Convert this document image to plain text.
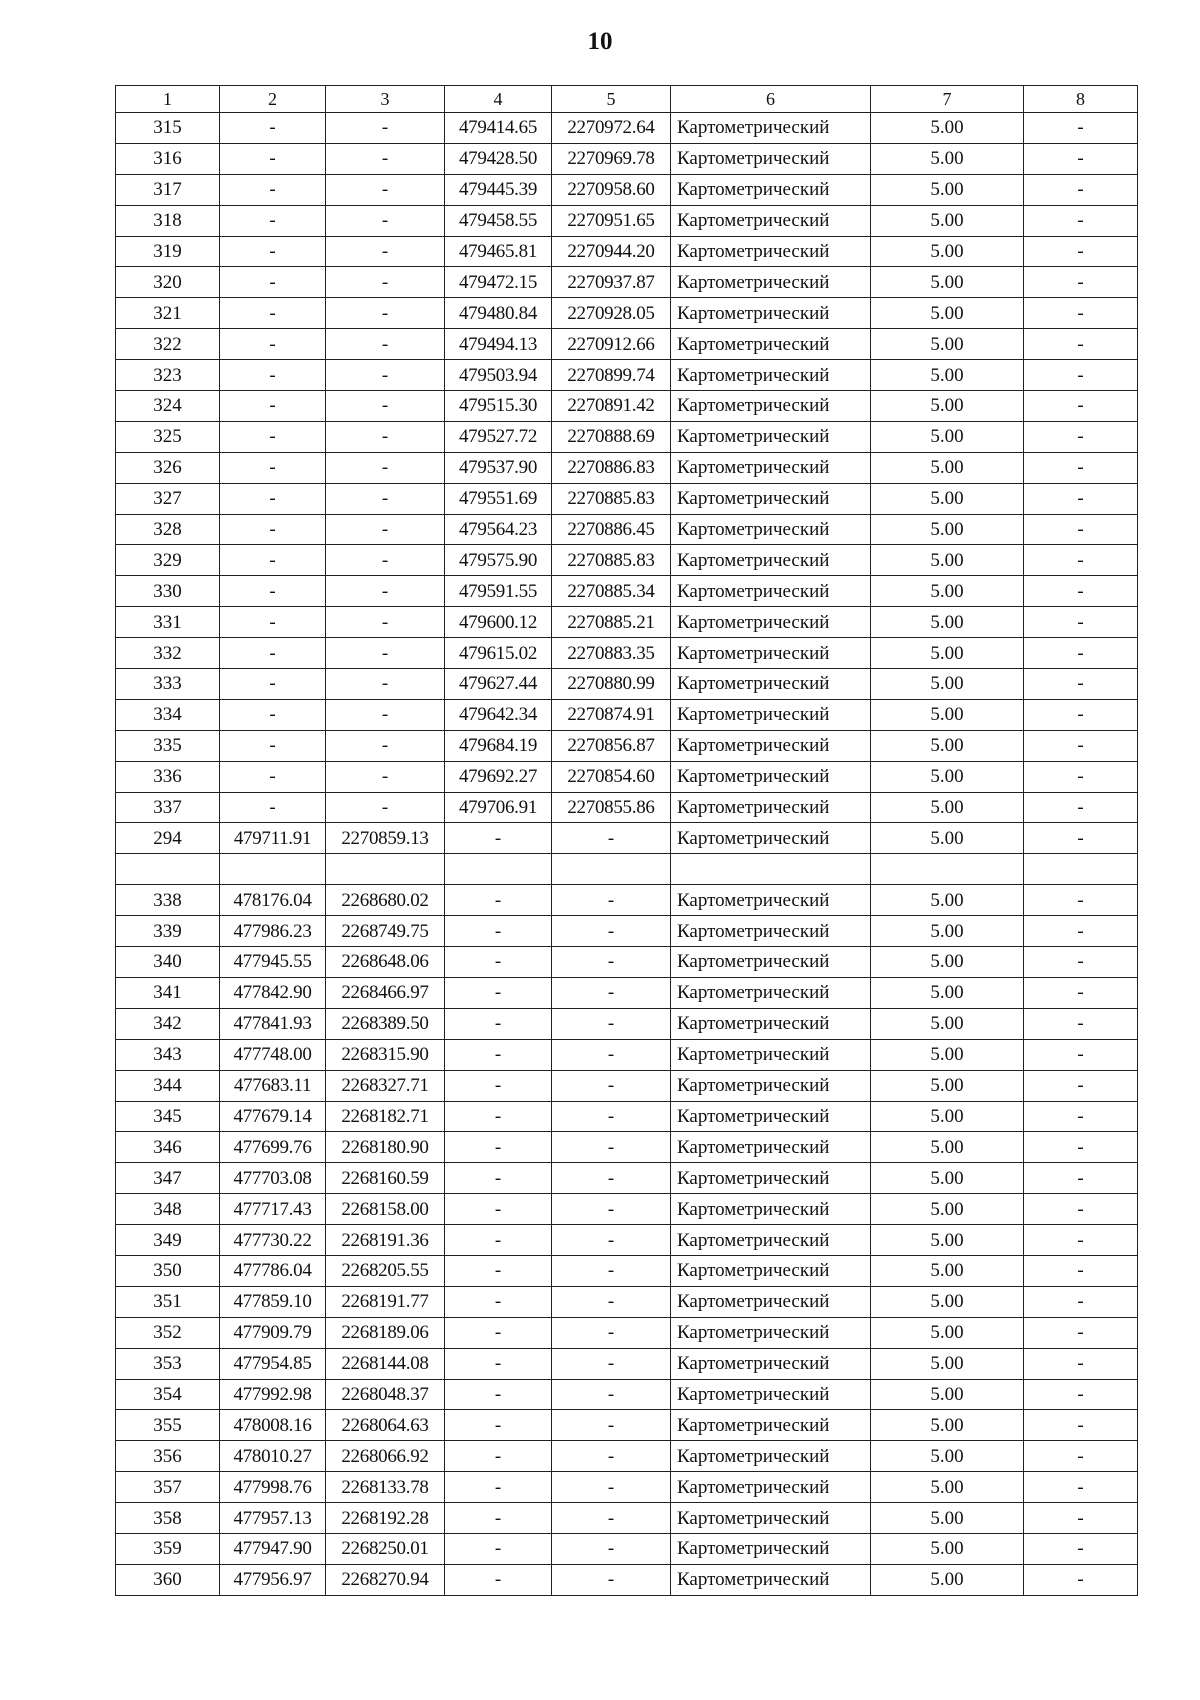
10
1	2	3	4	5	6	7	8
315	-	-	479414.65	2270972.64	Картометрический	5.00	-
316	-	-	479428.50	2270969.78	Картометрический	5.00	-
317	-	-	479445.39	2270958.60	Картометрический	5.00	-
318	-	-	479458.55	2270951.65	Картометрический	5.00	-
319	-	-	479465.81	2270944.20	Картометрический	5.00	-
320	-	-	479472.15	2270937.87	Картометрический	5.00	-
321	-	-	479480.84	2270928.05	Картометрический	5.00	-
322	-	-	479494.13	2270912.66	Картометрический	5.00	-
323	-	-	479503.94	2270899.74	Картометрический	5.00	-
324	-	-	479515.30	2270891.42	Картометрический	5.00	-
325	-	-	479527.72	2270888.69	Картометрический	5.00	-
326	-	-	479537.90	2270886.83	Картометрический	5.00	-
327	-	-	479551.69	2270885.83	Картометрический	5.00	-
328	-	-	479564.23	2270886.45	Картометрический	5.00	-
329	-	-	479575.90	2270885.83	Картометрический	5.00	-
330	-	-	479591.55	2270885.34	Картометрический	5.00	-
331	-	-	479600.12	2270885.21	Картометрический	5.00	-
332	-	-	479615.02	2270883.35	Картометрический	5.00	-
333	-	-	479627.44	2270880.99	Картометрический	5.00	-
334	-	-	479642.34	2270874.91	Картометрический	5.00	-
335	-	-	479684.19	2270856.87	Картометрический	5.00	-
336	-	-	479692.27	2270854.60	Картометрический	5.00	-
337	-	-	479706.91	2270855.86	Картометрический	5.00	-
294	479711.91	2270859.13	-	-	Картометрический	5.00	-

338	478176.04	2268680.02	-	-	Картометрический	5.00	-
339	477986.23	2268749.75	-	-	Картометрический	5.00	-
340	477945.55	2268648.06	-	-	Картометрический	5.00	-
341	477842.90	2268466.97	-	-	Картометрический	5.00	-
342	477841.93	2268389.50	-	-	Картометрический	5.00	-
343	477748.00	2268315.90	-	-	Картометрический	5.00	-
344	477683.11	2268327.71	-	-	Картометрический	5.00	-
345	477679.14	2268182.71	-	-	Картометрический	5.00	-
346	477699.76	2268180.90	-	-	Картометрический	5.00	-
347	477703.08	2268160.59	-	-	Картометрический	5.00	-
348	477717.43	2268158.00	-	-	Картометрический	5.00	-
349	477730.22	2268191.36	-	-	Картометрический	5.00	-
350	477786.04	2268205.55	-	-	Картометрический	5.00	-
351	477859.10	2268191.77	-	-	Картометрический	5.00	-
352	477909.79	2268189.06	-	-	Картометрический	5.00	-
353	477954.85	2268144.08	-	-	Картометрический	5.00	-
354	477992.98	2268048.37	-	-	Картометрический	5.00	-
355	478008.16	2268064.63	-	-	Картометрический	5.00	-
356	478010.27	2268066.92	-	-	Картометрический	5.00	-
357	477998.76	2268133.78	-	-	Картометрический	5.00	-
358	477957.13	2268192.28	-	-	Картометрический	5.00	-
359	477947.90	2268250.01	-	-	Картометрический	5.00	-
360	477956.97	2268270.94	-	-	Картометрический	5.00	-
